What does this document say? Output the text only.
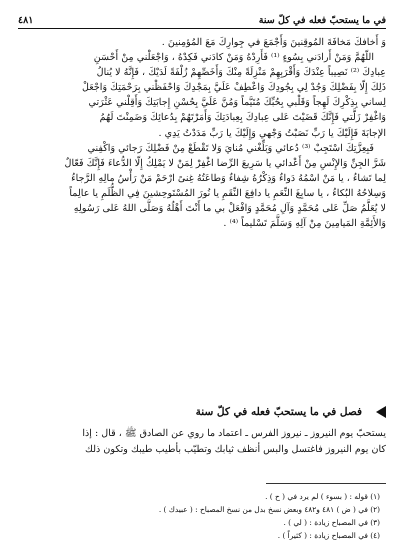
في ما يستحبّ فعله في كلّ سنة
٤٨١

وَ أَخافكَ مَخافَةَ المُوقِنينَ وَأَجْمَعَ في جِوارِكَ مَعَ المُؤمِنينَ .

اللّهُمَّ وَمَنْ أَرادَني بِسُوءٍ ⁽¹⁾ فَأَرِدْهُ وَمَنْ كادَني فَكِدْهُ ، وَاجْعَلْني مِنْ أَحْسَنِ

عِبادِكَ ⁽²⁾ نَصِيباً عِنْدَكَ وَأَقْرَبِهِمْ مَنْزِلَةً مِنْكَ وَأَخَصِّهِمْ زُلْفَةً لَدَيْكَ ، فَإِنَّهُ لا يُنالُ

ذَلِكَ إِلّا بِفَضْلِكَ وَجُدْ لِي بِجُودِكَ وَاعْطِفْ عَلَيَّ بِمَجْدِكَ وَاحْفَظْني بِرَحْمَتِكَ وَاجْعَلْ

لِساني بِذِكْرِكَ لَهِجاً وَقَلْبي بِحُبِّكَ مُتَيَّماً وَمُنَّ عَلَيَّ بِحُسْنِ إِجابَتِكَ وَأَقِلْني عَثْرَتي

وَاغْفِرْ زَلَّتي فَإِنَّكَ قَضَيْتَ عَلى عِبادِكَ بِعِبادَتِكَ وَأَمَرْتَهُمْ بِدُعائِكَ وَضَمِنْتَ لَهُمُ

الإجابَةَ فَإِلَيْكَ يا رَبِّ نَصَبْتُ وَجْهي وَإِلَيْكَ يا رَبِّ مَدَدْتُ يَدِي .

فَبِعِزَّتِكَ اسْتَجِبْ ⁽³⁾ دُعائي وَبَلِّغْني مُنايَ وَلا تَقْطَعْ مِنْ فَضْلِكَ رَجائي وَاكْفِني

شَرَّ الجِنِّ وَالإِنْسِ مِنْ أَعْدائي يا سَرِيعَ الرِّضا اغْفِرْ لِمَنْ لا يَمْلِكُ إِلّا الدُّعاءَ فَإِنَّكَ فَعّالٌ

لِما تَشاءُ ، يا مَنْ اسْمُهُ دَواءٌ وَذِكْرُهُ شِفاءٌ وَطاعَتُهُ غِنىً ارْحَمْ مَنْ رَأْسُ مالِهِ الرَّجاءُ

وَسِلاحُهُ البُكاءُ ، يا سابِغَ النِّعَمِ يا دافِعَ النِّقَمِ يا نُورَ المُسْتَوحِشينَ فِي الظُّلَمِ يا عالِماً

لا يُعَلَّمُ صَلِّ عَلى مُحَمَّدٍ وَآلِ مُحَمَّدٍ وَافْعَلْ بي ما أَنْتَ أَهْلُهُ وَصَلَّى اللهُ عَلى رَسُولِهِ

وَالأَئِمَّةِ المَيامِينَ مِنْ آلِهِ وَسَلَّمَ تَسْليماً ⁽⁴⁾ .

فصل في ما يستحبّ فعله في كلّ سنة

يستحبّ يوم النيروز ـ نيروز الفرس ـ اعتماد ما روي عن الصادق ﷺ ، قال : إذا

كان يوم النيروز فاغتسل والبس أنظف ثيابك وتطيّب بأطيب طيبك وتكون ذلك

(١) قوله : ( بسوء ) لم يرد في ( ح ) .
(٢) في ( ض ) ٤٨١ و٤٨٢ وبعض نسخ بدل من نسخ المصباح : ( عبيدك ) .
(٣) في المصباح زيادة : ( لي ) .
(٤) في المصباح زيادة : ( كثيراً ) .
